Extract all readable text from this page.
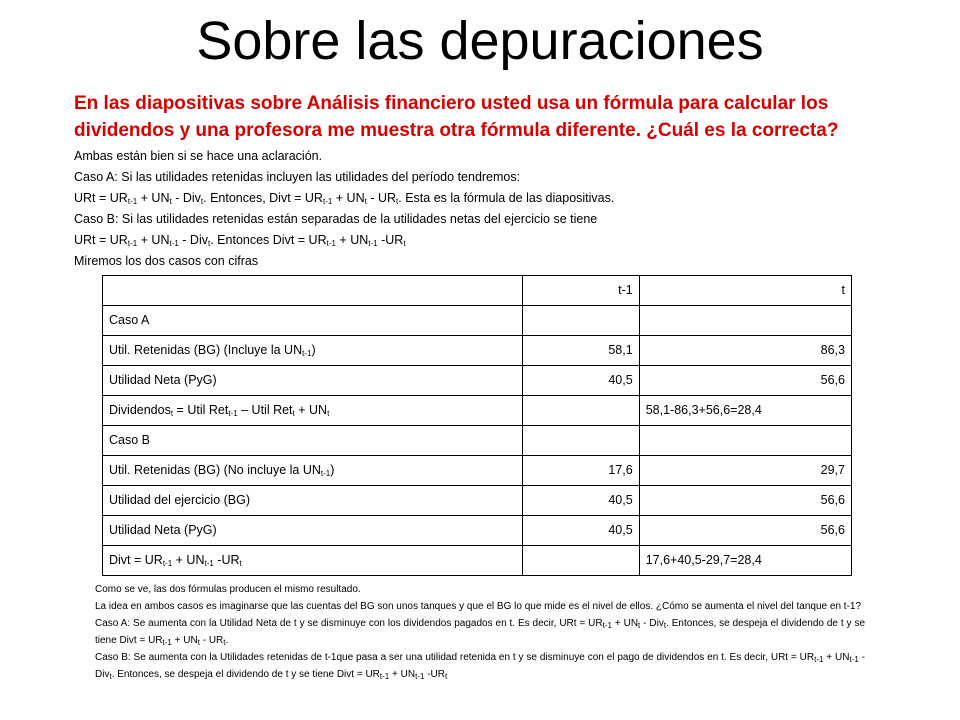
Sobre las depuraciones
En las diapositivas sobre Análisis financiero usted usa un fórmula para calcular los dividendos y una profesora me muestra otra fórmula diferente. ¿Cuál es la correcta?
Ambas están bien si se hace una aclaración.
Caso A: Si las utilidades retenidas incluyen las utilidades del período tendremos:
URt = $UR_{t-1} + UN_t - Div_t$. Entonces, Divt = $UR_{t-1} + UN_t - UR_t$. Esta es la fórmula de las diapositivas.
Caso B: Si las utilidades retenidas están separadas de la utilidades netas del ejercicio se tiene
URt = $UR_{t-1} + UN_{t-1} - Div_t$. Entonces Divt = $UR_{t-1} + UN_{t-1}$ $-UR_t$
Miremos los dos casos con cifras
	t-1	t
Caso A		
Util. Retenidas (BG) (Incluye la $UN_{t-1}$)	58,1	86,3
Utilidad Neta (PyG)	40,5	56,6
Dividendos$_t$ = Util Ret$_{t-1}$ – Util $Ret_t + UN_t$		58,1-86,3+56,6=28,4
Caso B		
Util. Retenidas (BG) (No incluye la $UN_{t-1}$)	17,6	29,7
Utilidad del ejercicio (BG)	40,5	56,6
Utilidad Neta (PyG)	40,5	56,6
Divt = $UR_{t-1} + UN_{t-1}$ $-UR_t$		17,6+40,5-29,7=28,4
Como se ve, las dos fórmulas producen el mismo resultado.
La idea en ambos casos es imaginarse que las cuentas del BG son unos tanques y que el BG lo que mide es el nivel de ellos. ¿Cómo se aumenta el nivel del tanque en t-1?
Caso A: Se aumenta con la Utilidad Neta de t y se disminuye con los dividendos pagados en t. Es decir, URt = $UR_{t-1} + UN_t - Div_t$. Entonces, se despeja el dividendo de t y se tiene Divt = $UR_{t-1} + UN_t - UR_t$.
Caso B: Se aumenta con la Utilidades retenidas de t-1que pasa a ser una utilidad retenida en t y se disminuye con el pago de dividendos en t. Es decir, URt = $UR_{t-1} + UN_{t-1} - Div_t$. Entonces, se despeja el dividendo de t y se tiene Divt = $UR_{t-1} + UN_{t-1}$ $-UR_t$
